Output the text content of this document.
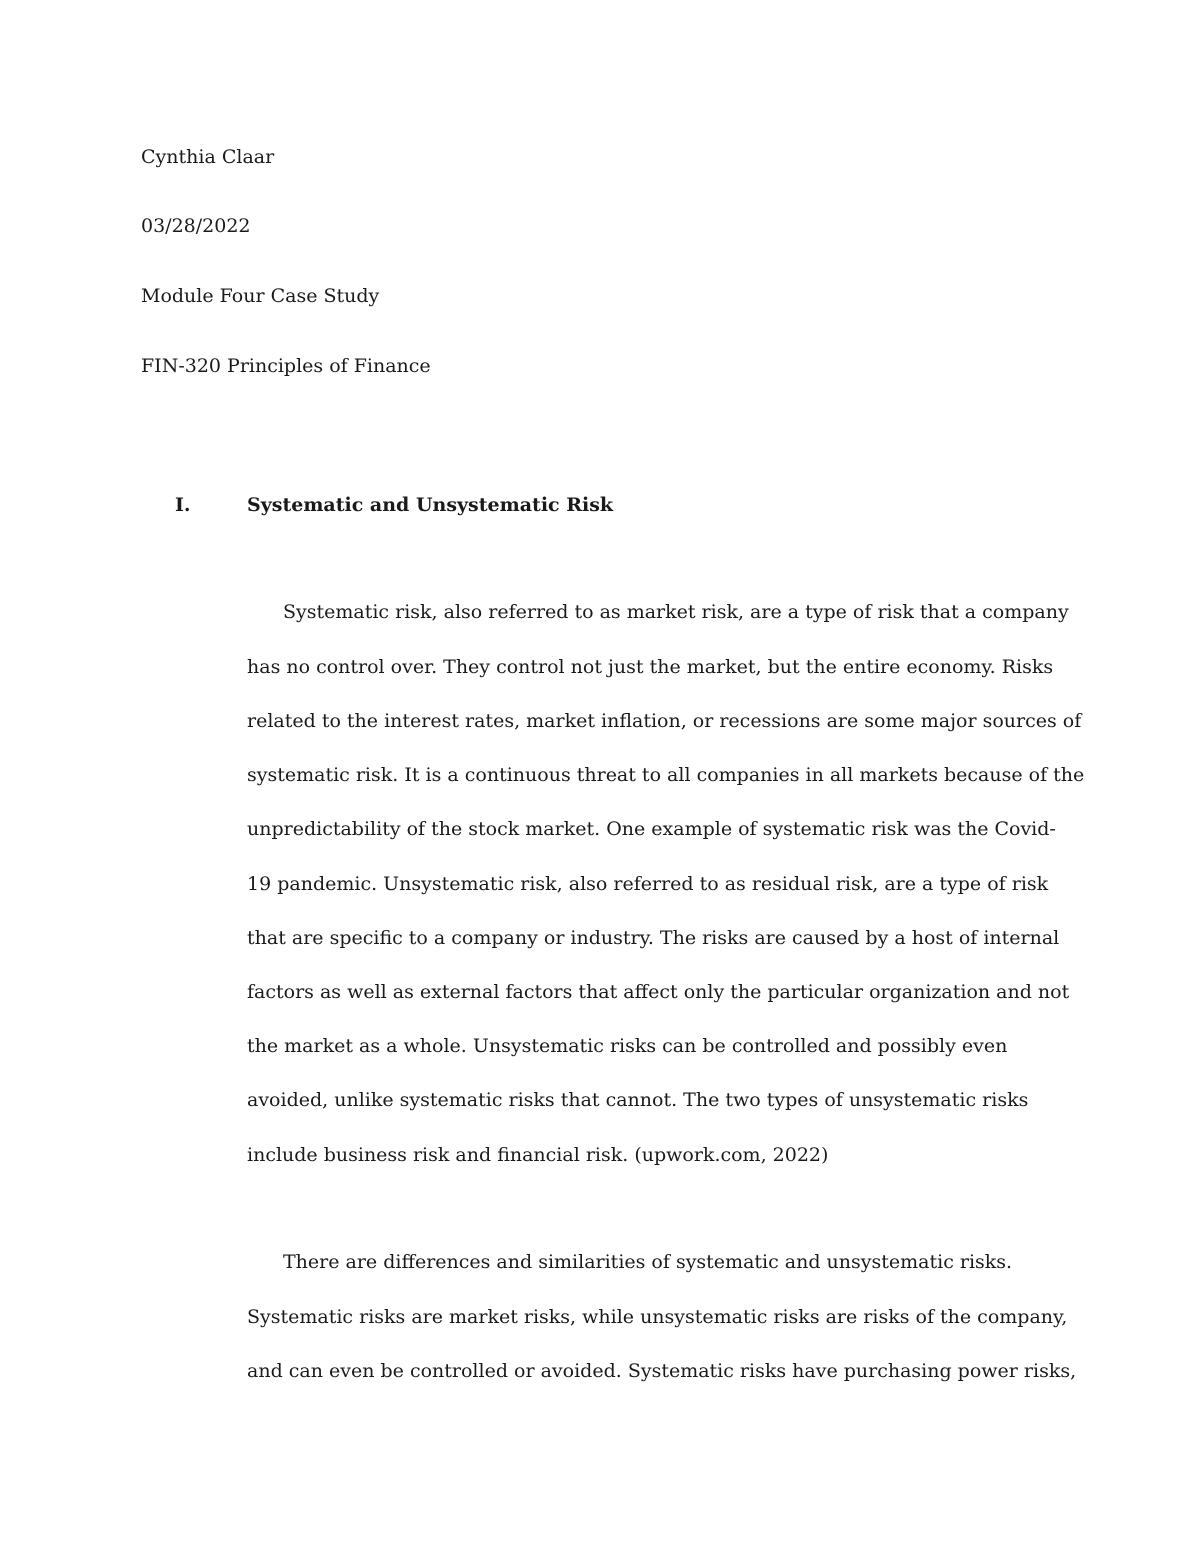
Cynthia Claar
03/28/2022
Module Four Case Study
FIN-320 Principles of Finance
I.	Systematic and Unsystematic Risk
Systematic risk, also referred to as market risk, are a type of risk that a company
has no control over. They control not just the market, but the entire economy. Risks
related to the interest rates, market inflation, or recessions are some major sources of
systematic risk. It is a continuous threat to all companies in all markets because of the
unpredictability of the stock market. One example of systematic risk was the Covid-
19 pandemic. Unsystematic risk, also referred to as residual risk, are a type of risk
that are specific to a company or industry. The risks are caused by a host of internal
factors as well as external factors that affect only the particular organization and not
the market as a whole. Unsystematic risks can be controlled and possibly even
avoided, unlike systematic risks that cannot. The two types of unsystematic risks
include business risk and financial risk. (upwork.com, 2022)
There are differences and similarities of systematic and unsystematic risks.
Systematic risks are market risks, while unsystematic risks are risks of the company,
and can even be controlled or avoided. Systematic risks have purchasing power risks,
